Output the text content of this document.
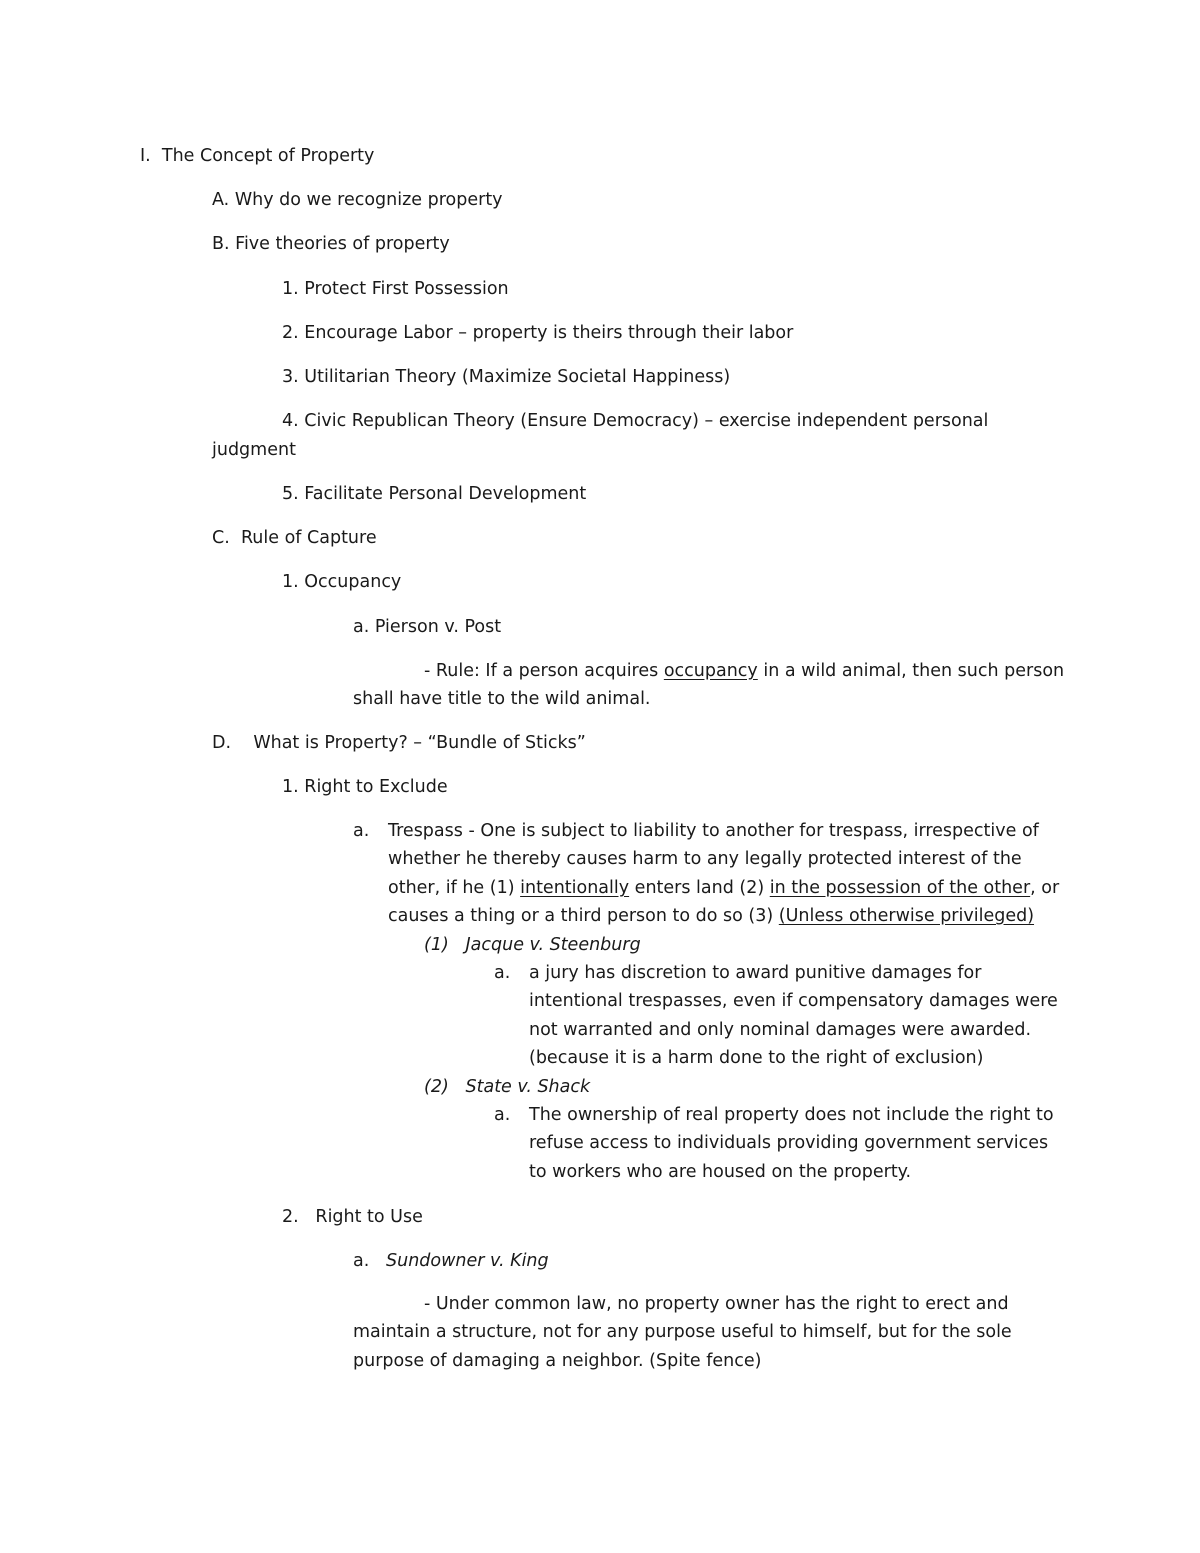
I. The Concept of Property
A. Why do we recognize property
B. Five theories of property
1. Protect First Possession
2. Encourage Labor – property is theirs through their labor
3. Utilitarian Theory (Maximize Societal Happiness)
4. Civic Republican Theory (Ensure Democracy) – exercise independent personal
judgment
5. Facilitate Personal Development
C. Rule of Capture
1. Occupancy
a. Pierson v. Post
- Rule: If a person acquires occupancy in a wild animal, then such person
shall have title to the wild animal.
D. What is Property? – “Bundle of Sticks”
1. Right to Exclude
a. Trespass - One is subject to liability to another for trespass, irrespective of
whether he thereby causes harm to any legally protected interest of the
other, if he (1) intentionally enters land (2) in the possession of the other, or
causes a thing or a third person to do so (3) (Unless otherwise privileged)
(1) Jacque v. Steenburg
a. a jury has discretion to award punitive damages for
intentional trespasses, even if compensatory damages were
not warranted and only nominal damages were awarded.
(because it is a harm done to the right of exclusion)
(2) State v. Shack
a. The ownership of real property does not include the right to
refuse access to individuals providing government services
to workers who are housed on the property.
2. Right to Use
a. Sundowner v. King
- Under common law, no property owner has the right to erect and
maintain a structure, not for any purpose useful to himself, but for the sole
purpose of damaging a neighbor. (Spite fence)
